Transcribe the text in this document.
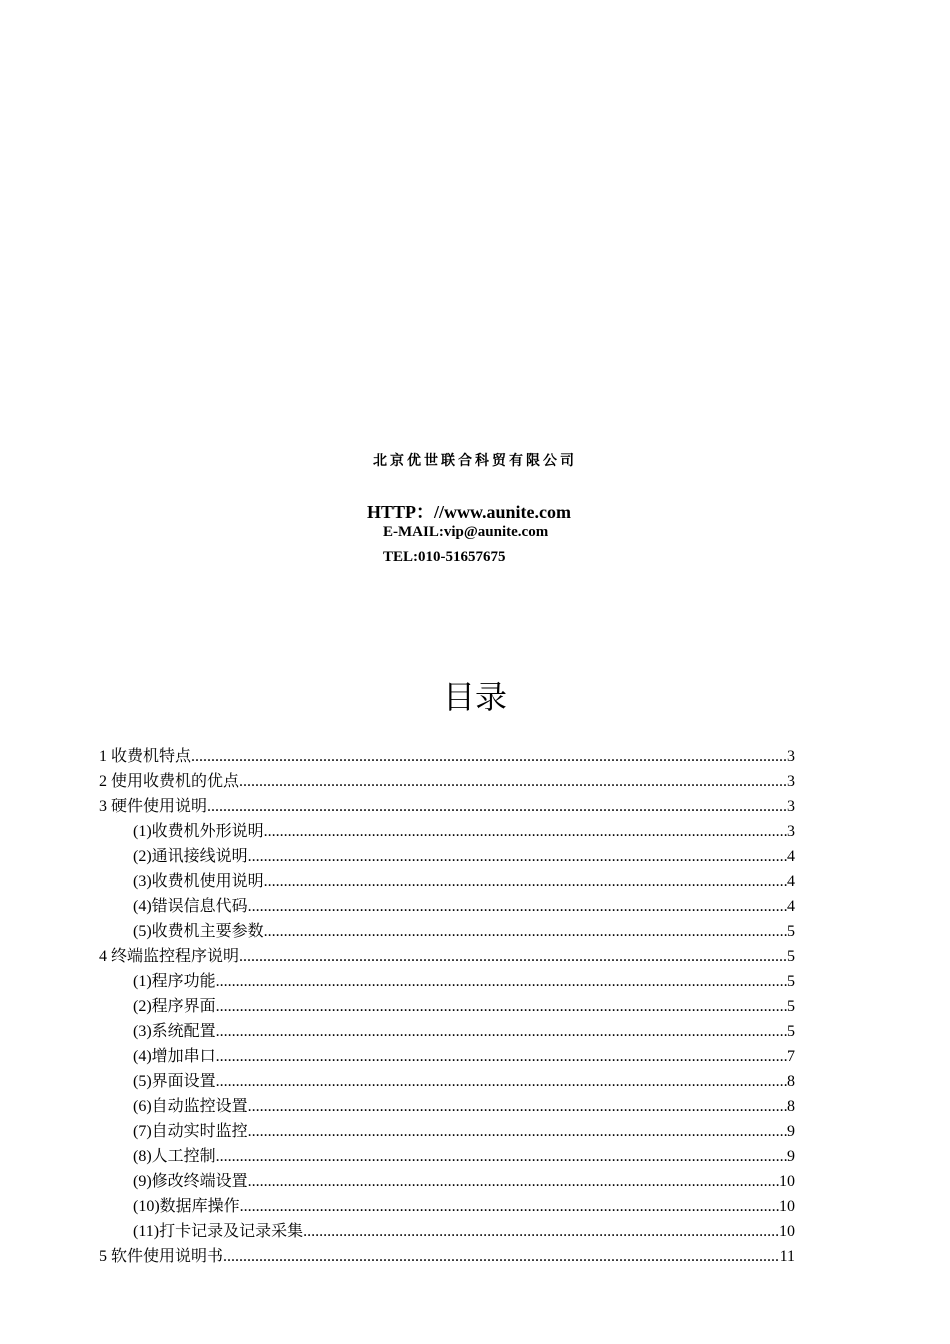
北京优世联合科贸有限公司
HTTP：//www.aunite.com
E-MAIL:vip@aunite.com
TEL:010-51657675
目录
1 收费机特点 .....	3
2 使用收费机的优点 .....	3
3 硬件使用说明 .....	3
(1)收费机外形说明 .....	3
(2)通讯接线说明 .....	4
(3)收费机使用说明 .....	4
(4)错误信息代码 .....	4
(5)收费机主要参数 .....	5
4 终端监控程序说明 .....	5
(1)程序功能 .....	5
(2)程序界面 .....	5
(3)系统配置 .....	5
(4)增加串口 .....	7
(5)界面设置 .....	8
(6)自动监控设置 .....	8
(7)自动实时监控 .....	9
(8)人工控制 .....	9
(9)修改终端设置 .....	10
(10)数据库操作 .....	10
(11)打卡记录及记录采集 .....	10
5 软件使用说明书 .....	11
